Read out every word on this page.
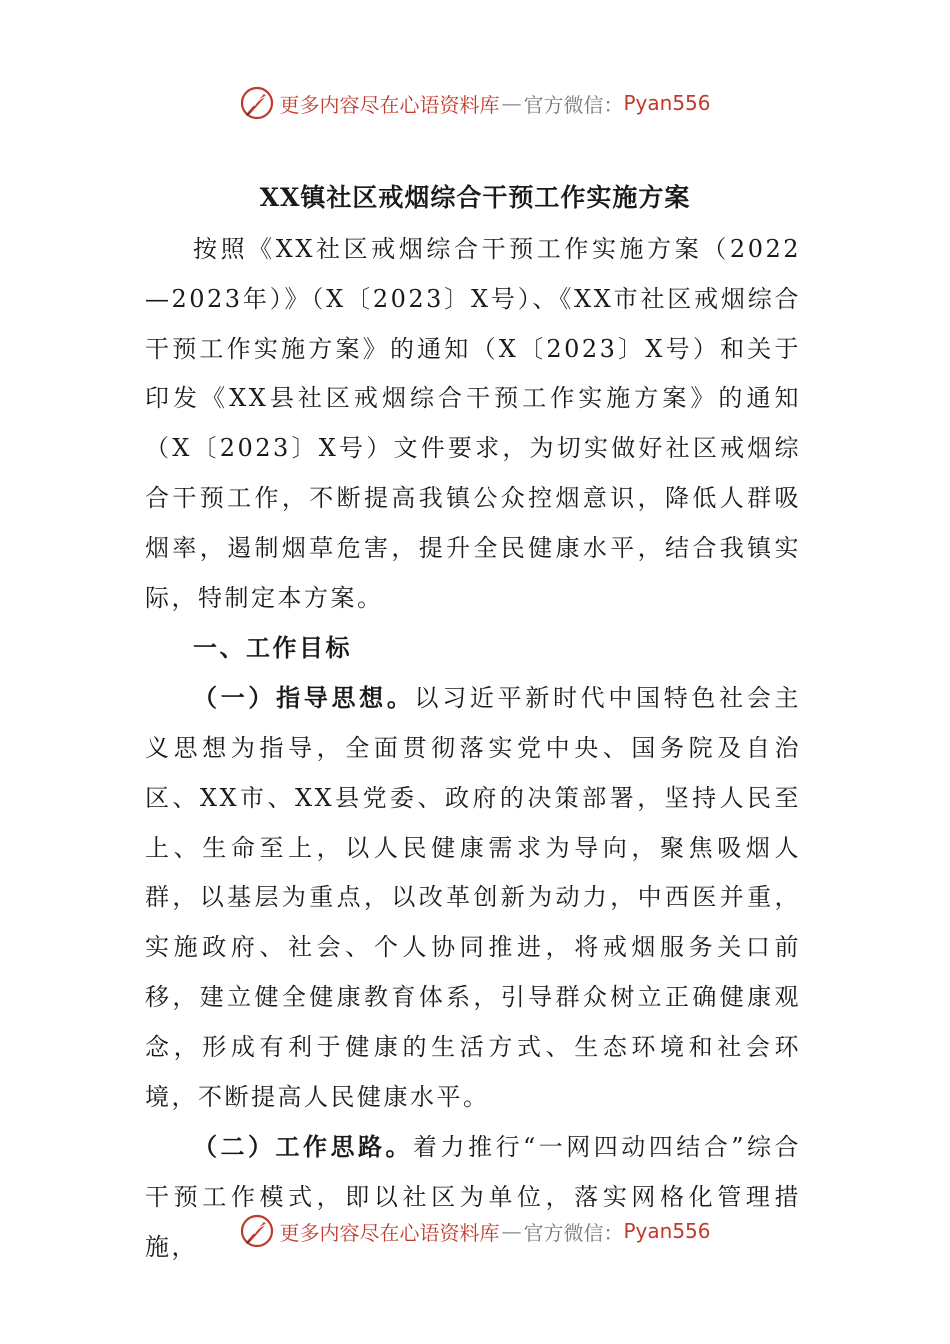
更多内容尽在心语资料库 — 官方微信： Pyan556
XX镇社区戒烟综合干预工作实施方案

按照《XX社区戒烟综合干预工作实施方案（2022—2023年）》（X〔2023〕X号）、《XX市社区戒烟综合干预工作实施方案》的通知（X〔2023〕X号）和关于印发《XX县社区戒烟综合干预工作实施方案》的通知（X〔2023〕X号）文件要求，为切实做好社区戒烟综合干预工作，不断提高我镇公众控烟意识，降低人群吸烟率，遏制烟草危害，提升全民健康水平，结合我镇实际，特制定本方案。

一、工作目标

（一）指导思想。以习近平新时代中国特色社会主义思想为指导，全面贯彻落实党中央、国务院及自治区、XX市、XX县党委、政府的决策部署，坚持人民至上、生命至上，以人民健康需求为导向，聚焦吸烟人群，以基层为重点，以改革创新为动力，中西医并重，实施政府、社会、个人协同推进，将戒烟服务关口前移，建立健全健康教育体系，引导群众树立正确健康观念，形成有利于健康的生活方式、生态环境和社会环境，不断提高人民健康水平。

（二）工作思路。着力推行“一网四动四结合”综合干预工作模式，即以社区为单位，落实网格化管理措施，

更多内容尽在心语资料库 — 官方微信： Pyan556
